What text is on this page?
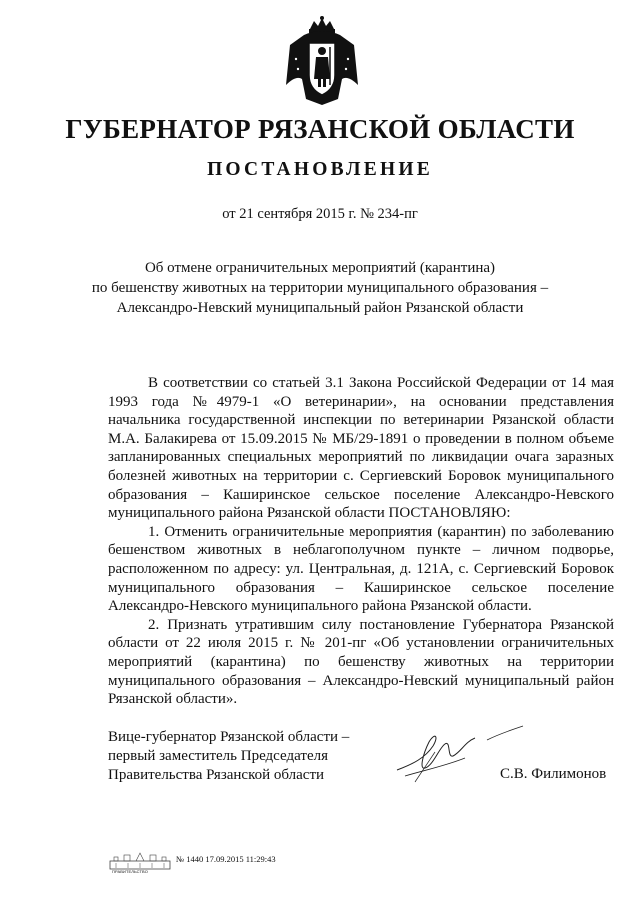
ГУБЕРНАТОР РЯЗАНСКОЙ ОБЛАСТИ
ПОСТАНОВЛЕНИЕ

от 21 сентября 2015 г. № 234-пг

Об отмене ограничительных мероприятий (карантина)
по бешенству животных на территории муниципального образования –
Александро-Невский муниципальный район Рязанской области

В соответствии со статьей 3.1 Закона Российской Федерации от 14 мая
1993 года №4979-1 «О ветеринарии», на основании представления
начальника государственной инспекции по ветеринарии Рязанской области
М.А. Балакирева от 15.09.2015 № МБ/29-1891 о проведении в полном объеме
запланированных специальных мероприятий по ликвидации очага заразных
болезней животных на территории с. Сергиевский Боровок муниципального
образования – Каширинское сельское поселение Александро-Невского
муниципального района Рязанской области ПОСТАНОВЛЯЮ:
1. Отменить ограничительные мероприятия (карантин) по заболеванию
бешенством животных в неблагополучном пункте – личном подворье,
расположенном по адресу: ул. Центральная, д. 121А, с. Сергиевский Боровок
муниципального образования – Каширинское сельское поселение
Александро-Невского муниципального района Рязанской области.
2. Признать утратившим силу постановление Губернатора Рязанской
области от 22 июля 2015 г. № 201-пг «Об установлении ограничительных
мероприятий (карантина) по бешенству животных на территории
муниципального образования – Александро-Невский муниципальный район
Рязанской области».
Вице-губернатор Рязанской области –
первый заместитель Председателя
Правительства Рязанской области	С.В. Филимонов
ПРАВИТЕЛЬСТВО
№ 1440 17.09.2015 11:29:43
